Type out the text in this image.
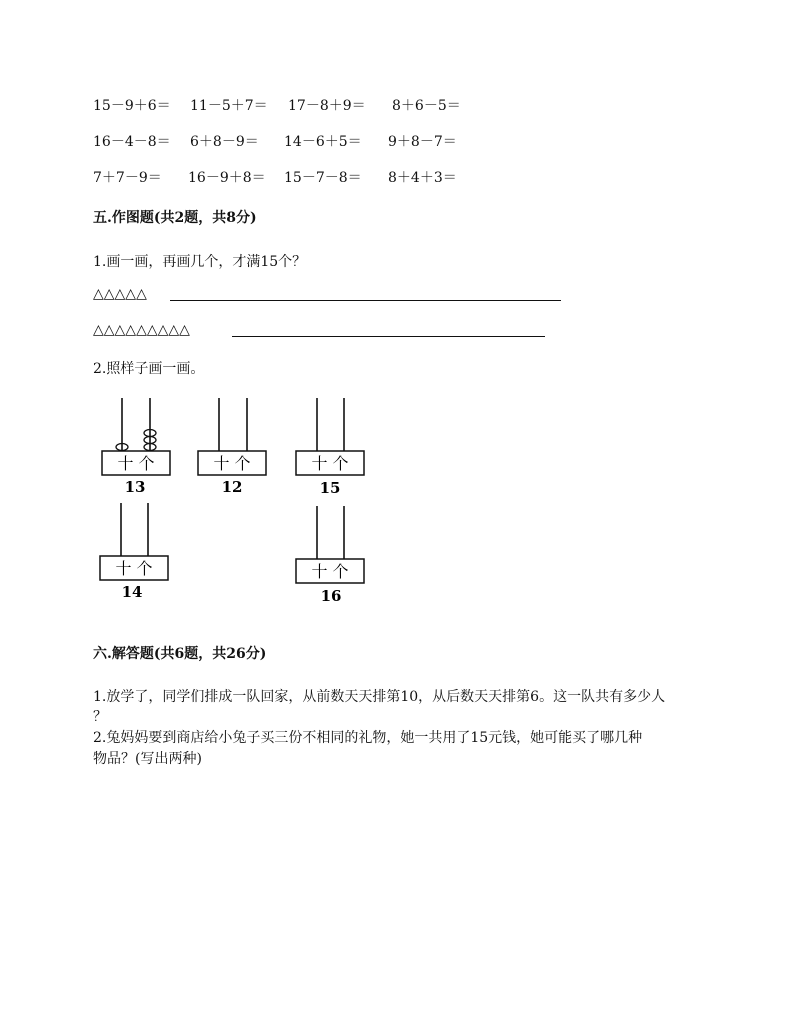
15－9＋6＝ 11－5＋7＝ 17－8＋9＝ 8＋6－5＝
16－4－8＝ 6＋8－9＝ 14－6＋5＝ 9＋8－7＝
7＋7－9＝ 16－9＋8＝ 15－7－8＝ 8＋4＋3＝
五.作图题(共2题，共8分)
1.画一画，再画几个，才满15个？
△△△△△
△△△△△△△△△
2.照样子画一画。
十 个
13
十 个
12
十 个
15
十 个
14
十 个
16
六.解答题(共6题，共26分)
1.放学了，同学们排成一队回家，从前数天天排第10，从后数天天排第6。这一队共有多少人
？
2.兔妈妈要到商店给小兔子买三份不相同的礼物，她一共用了15元钱，她可能买了哪几种
物品？(写出两种)
